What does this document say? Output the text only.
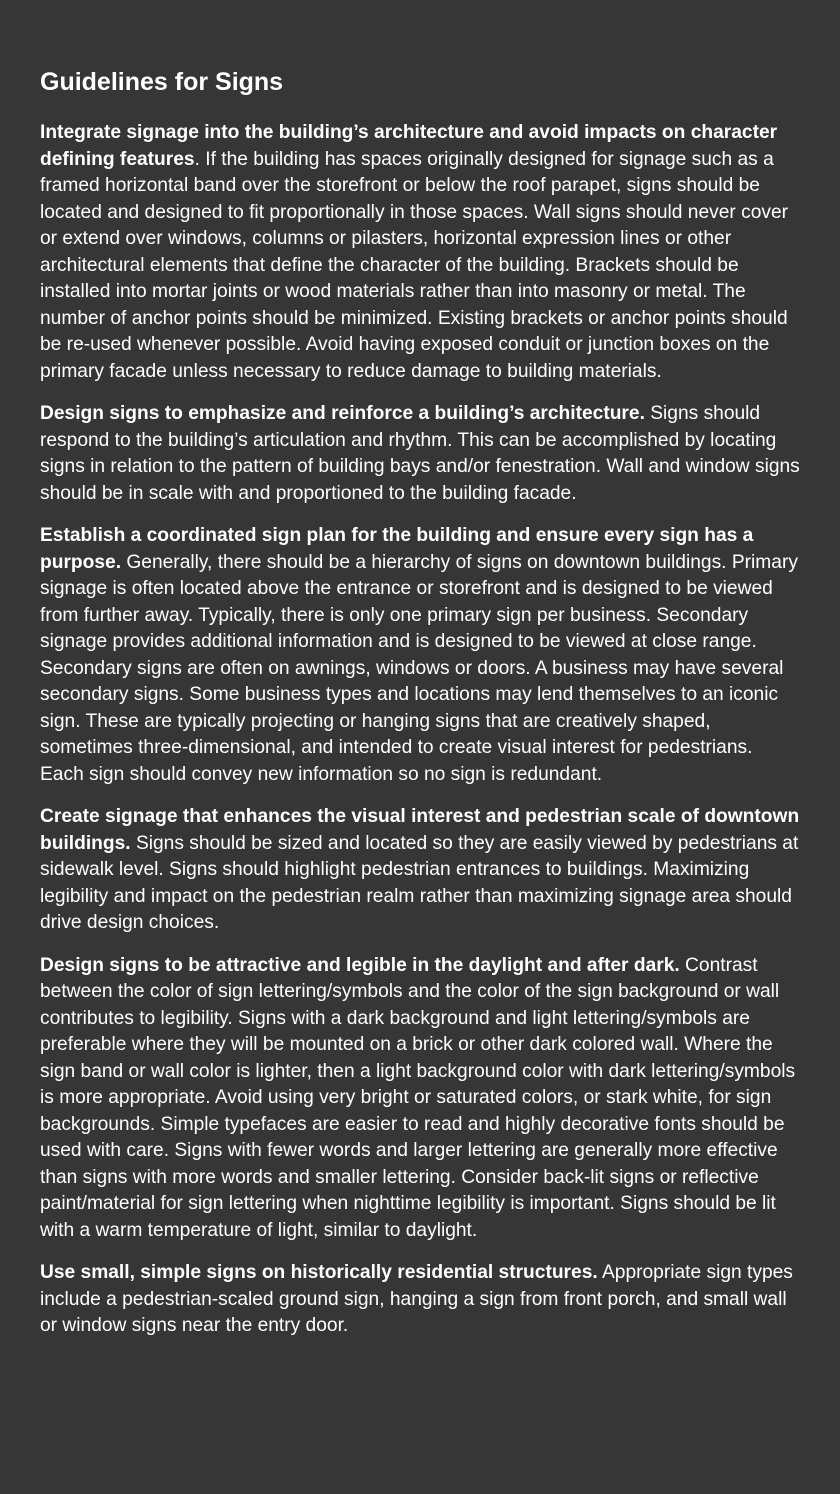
Guidelines for Signs

Integrate signage into the building’s architecture and avoid impacts on character defining features. If the building has spaces originally designed for signage such as a framed horizontal band over the storefront or below the roof parapet, signs should be located and designed to fit proportionally in those spaces. Wall signs should never cover or extend over windows, columns or pilasters, horizontal expression lines or other architectural elements that define the character of the building. Brackets should be installed into mortar joints or wood materials rather than into masonry or metal. The number of anchor points should be minimized. Existing brackets or anchor points should be re-used whenever possible. Avoid having exposed conduit or junction boxes on the primary facade unless necessary to reduce damage to building materials.

Design signs to emphasize and reinforce a building’s architecture. Signs should respond to the building’s articulation and rhythm. This can be accomplished by locating signs in relation to the pattern of building bays and/or fenestration. Wall and window signs should be in scale with and proportioned to the building facade.

Establish a coordinated sign plan for the building and ensure every sign has a purpose. Generally, there should be a hierarchy of signs on downtown buildings. Primary signage is often located above the entrance or storefront and is designed to be viewed from further away. Typically, there is only one primary sign per business. Secondary signage provides additional information and is designed to be viewed at close range. Secondary signs are often on awnings, windows or doors. A business may have several secondary signs. Some business types and locations may lend themselves to an iconic sign. These are typically projecting or hanging signs that are creatively shaped, sometimes three-dimensional, and intended to create visual interest for pedestrians. Each sign should convey new information so no sign is redundant.

Create signage that enhances the visual interest and pedestrian scale of downtown buildings. Signs should be sized and located so they are easily viewed by pedestrians at sidewalk level. Signs should highlight pedestrian entrances to buildings. Maximizing legibility and impact on the pedestrian realm rather than maximizing signage area should drive design choices.

Design signs to be attractive and legible in the daylight and after dark. Contrast between the color of sign lettering/symbols and the color of the sign background or wall contributes to legibility. Signs with a dark background and light lettering/symbols are preferable where they will be mounted on a brick or other dark colored wall. Where the sign band or wall color is lighter, then a light background color with dark lettering/symbols is more appropriate. Avoid using very bright or saturated colors, or stark white, for sign backgrounds. Simple typefaces are easier to read and highly decorative fonts should be used with care. Signs with fewer words and larger lettering are generally more effective than signs with more words and smaller lettering. Consider back-lit signs or reflective paint/material for sign lettering when nighttime legibility is important. Signs should be lit with a warm temperature of light, similar to daylight.

Use small, simple signs on historically residential structures. Appropriate sign types include a pedestrian-scaled ground sign, hanging a sign from front porch, and small wall or window signs near the entry door.
